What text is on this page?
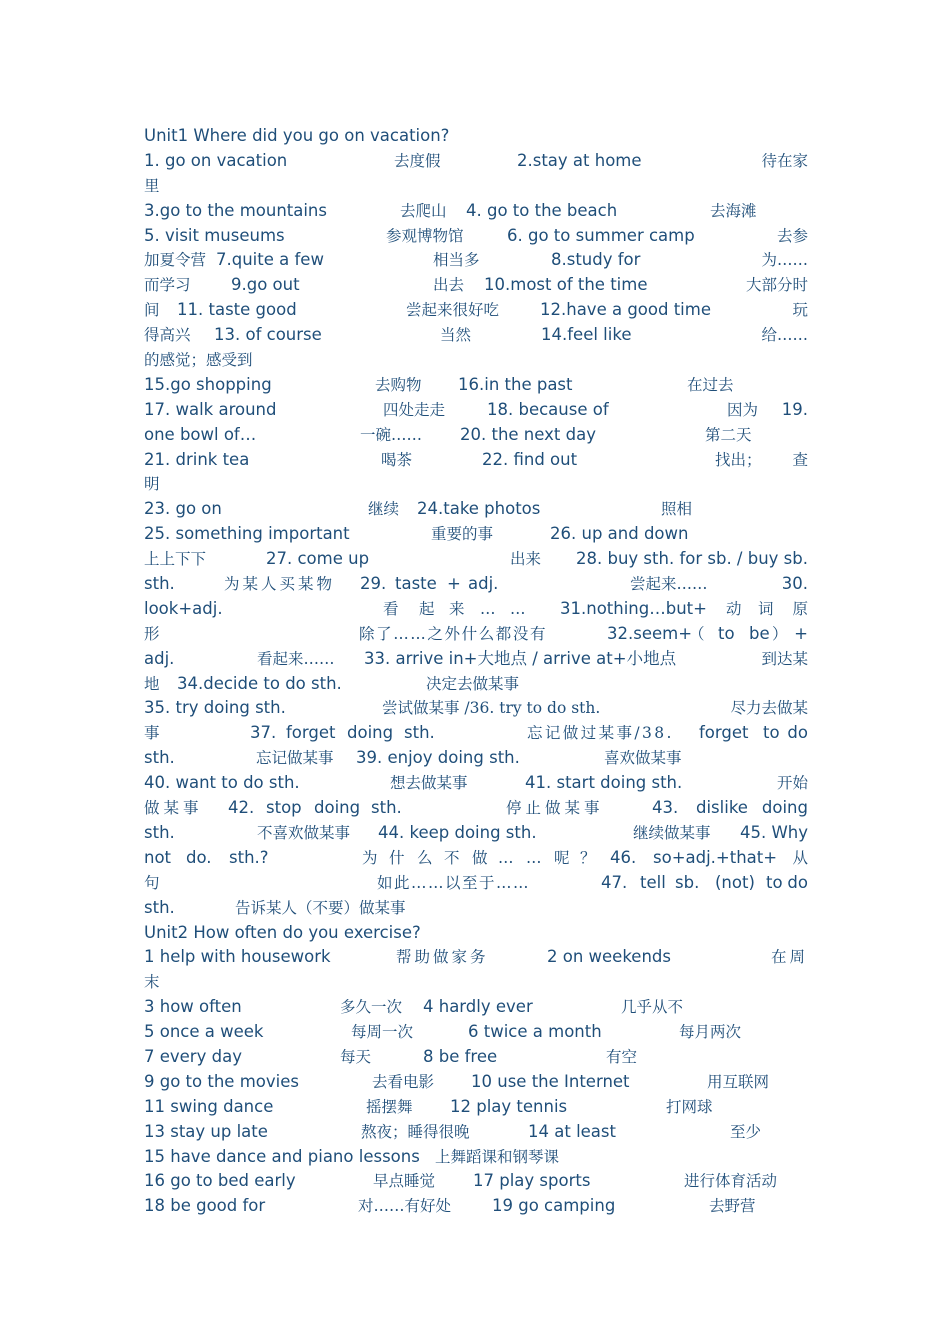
Unit1 Where did you go on vacation?
1. go on vacation	去度假	2.stay at home	待在家
里
3.go to the mountains	去爬山 4. go to the beach	去海滩
5. visit museums	参观博物馆	6. go to summer camp	去参
加夏令营 7.quite a few	相当多	8.study for	为……
而学习 9.go out	出去 10.most of the time	大部分时
间 11. taste good	尝起来很好吃 12.have a good time	玩
得高兴 13. of course	当然	14.feel like	给……
的感觉；感受到
15.go shopping	去购物 16.in the past	在过去
17. walk around	四处走走	18. because of	因为 19.
one bowl of…	一碗…… 20. the next day	第二天
21. drink tea	喝茶	22. find out	找出； 查
明
23. go on	继续 24.take photos	照相
25. something important	重要的事	26. up and down
上上下下	27. come up	出来 28. buy sth. for sb. / buy sb.
sth.	为某人买某物 29. taste + adj.	尝起来……	30.
look+adj.	看 起 来 … … 31.nothing…but+ 动 词 原
形	除了……之外什么都没有	32.seem+
（ to be ） +
adj.	看起来…… 33. arrive in+大地点 / arrive at+小地点	到达某
地 34.decide to do sth.	决定去做某事
35. try doing sth.	尝试做某事 /36. try to do sth.	尽力去做某
事	37. forget doing sth.	忘记做过某事/38. forget to do
sth.	忘记做某事 39. enjoy doing sth.	喜欢做某事
40. want to do sth.	想去做某事	41. start doing sth.	开始
做某事 42. stop doing sth.	停止做某事	43. dislike doing
sth.	不喜欢做某事 44. keep doing sth.	继续做某事 45. Why
not do. sth.?	为 什 么 不 做 … … 呢 ？ 46. so+adj.+that+ 从
句	如此……以至于……	47. tell sb. (not) to do
sth.	告诉某人（不要）做某事
Unit2 How often do you exercise?
1 help with housework	帮助做家务	2 on weekends	在周
末
3 how often	多久一次 4 hardly ever	几乎从不
5 once a week	每周一次	6 twice a month	每月两次
7 every day	每天	8 be free	有空
9 go to the movies	去看电影 10 use the Internet	用互联网
11 swing dance	摇摆舞 12 play tennis	打网球
13 stay up late	熬夜；睡得很晚	14 at least	至少
15 have dance and piano lessons 上舞蹈课和钢琴课
16 go to bed early	早点睡觉 17 play sports	进行体育活动
18 be good for	对……有好处 19 go camping	去野营
